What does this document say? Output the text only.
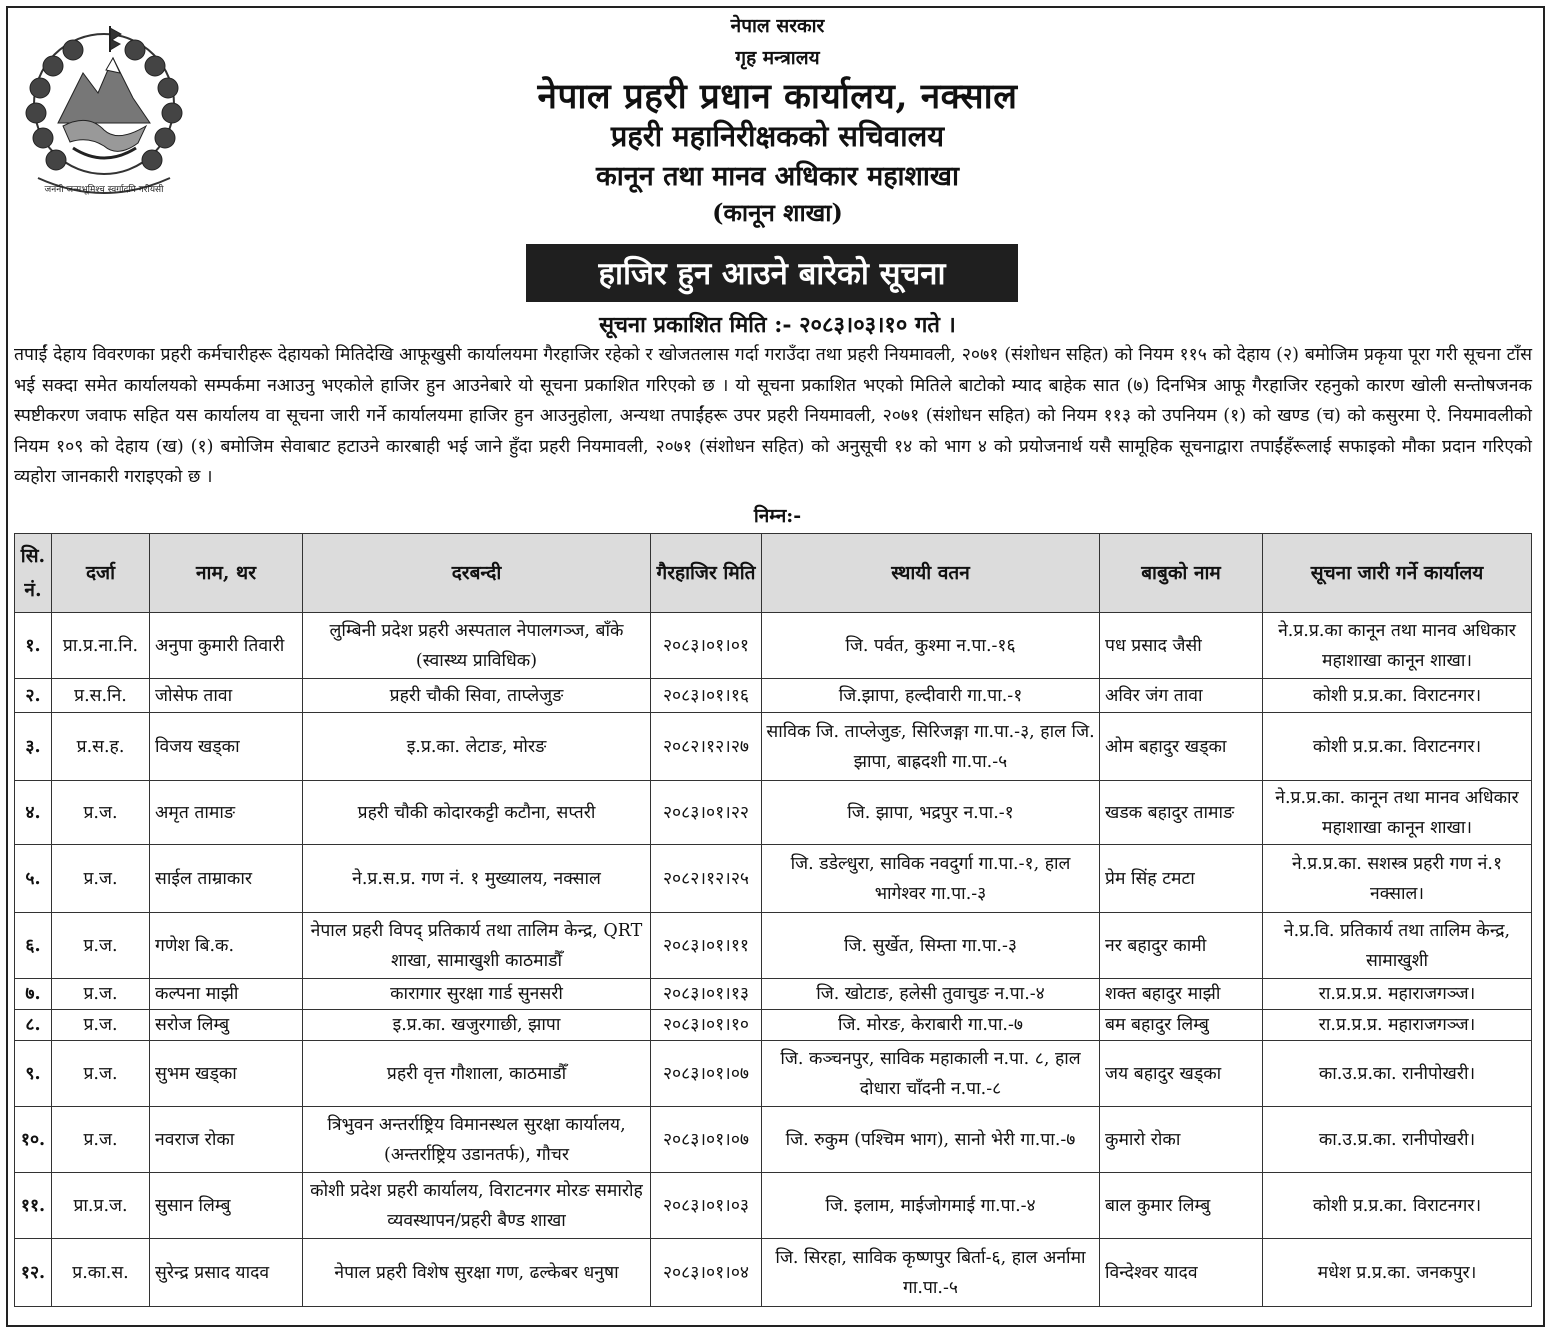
जननी जन्मभूमिश्च स्वर्गादपि गरीयसी
नेपाल सरकार
गृह मन्त्रालय
नेपाल प्रहरी प्रधान कार्यालय, नक्साल
प्रहरी महानिरीक्षकको सचिवालय
कानून तथा मानव अधिकार महाशाखा
(कानून शाखा)
हाजिर हुन आउने बारेको सूचना
सूचना प्रकाशित मिति :- २०८३।०३।१० गते ।
तपाईं देहाय विवरणका प्रहरी कर्मचारीहरू देहायको मितिदेखि आफूखुसी कार्यालयमा गैरहाजिर रहेको र खोजतलास गर्दा गराउँदा तथा प्रहरी नियमावली, २०७१ (संशोधन सहित) को नियम ११५ को देहाय (२) बमोजिम प्रकृया पूरा गरी सूचना टाँस भई सक्दा समेत कार्यालयको सम्पर्कमा नआउनु भएकोले हाजिर हुन आउनेबारे यो सूचना प्रकाशित गरिएको छ । यो सूचना प्रकाशित भएको मितिले बाटोको म्याद बाहेक सात (७) दिनभित्र आफू गैरहाजिर रहनुको कारण खोली सन्तोषजनक स्पष्टीकरण जवाफ सहित यस कार्यालय वा सूचना जारी गर्ने कार्यालयमा हाजिर हुन आउनुहोला, अन्यथा तपाईंहरू उपर प्रहरी नियमावली, २०७१ (संशोधन सहित) को नियम ११३ को उपनियम (१) को खण्ड (च) को कसुरमा ऐ. नियमावलीको नियम १०९ को देहाय (ख) (१) बमोजिम सेवाबाट हटाउने कारबाही भई जाने हुँदा प्रहरी नियमावली, २०७१ (संशोधन सहित) को अनुसूची १४ को भाग ४ को प्रयोजनार्थ यसै सामूहिक सूचनाद्वारा तपाईंहँरूलाई सफाइको मौका प्रदान गरिएको व्यहोरा जानकारी गराइएको छ ।
निम्न:-
सि. नं.	दर्जा	नाम, थर	दरबन्दी	गैरहाजिर मिति	स्थायी वतन	बाबुको नाम	सूचना जारी गर्ने कार्यालय
१.	प्रा.प्र.ना.नि.	अनुपा कुमारी तिवारी	लुम्बिनी प्रदेश प्रहरी अस्पताल नेपालगञ्ज, बाँके (स्वास्थ्य प्राविधिक)	२०८३।०१।०१	जि. पर्वत, कुश्मा न.पा.-१६	पध प्रसाद जैसी	ने.प्र.प्र.का कानून तथा मानव अधिकार महाशाखा कानून शाखा।
२.	प्र.स.नि.	जोसेफ तावा	प्रहरी चौकी सिवा, ताप्लेजुङ	२०८३।०१।१६	जि.झापा, हल्दीवारी गा.पा.-१	अविर जंग तावा	कोशी प्र.प्र.का. विराटनगर।
३.	प्र.स.ह.	विजय खड्का	इ.प्र.का. लेटाङ, मोरङ	२०८२।१२।२७	साविक जि. ताप्लेजुङ, सिरिजङ्गा गा.पा.-३, हाल जि. झापा, बाह्रदशी गा.पा.-५	ओम बहादुर खड्का	कोशी प्र.प्र.का. विराटनगर।
४.	प्र.ज.	अमृत तामाङ	प्रहरी चौकी कोदारकट्टी कटौना, सप्तरी	२०८३।०१।२२	जि. झापा, भद्रपुर न.पा.-१	खडक बहादुर तामाङ	ने.प्र.प्र.का. कानून तथा मानव अधिकार महाशाखा कानून शाखा।
५.	प्र.ज.	साईल ताम्राकार	ने.प्र.स.प्र. गण नं. १ मुख्यालय, नक्साल	२०८२।१२।२५	जि. डडेल्धुरा, साविक नवदुर्गा गा.पा.-१, हाल भागेश्वर गा.पा.-३	प्रेम सिंह टमटा	ने.प्र.प्र.का. सशस्त्र प्रहरी गण नं.१ नक्साल।
६.	प्र.ज.	गणेश बि.क.	नेपाल प्रहरी विपद् प्रतिकार्य तथा तालिम केन्द्र, QRT शाखा, सामाखुशी काठमाडौँ	२०८३।०१।११	जि. सुर्खेत, सिम्ता गा.पा.-३	नर बहादुर कामी	ने.प्र.वि. प्रतिकार्य तथा तालिम केन्द्र, सामाखुशी
७.	प्र.ज.	कल्पना माझी	कारागार सुरक्षा गार्ड सुनसरी	२०८३।०१।१३	जि. खोटाङ, हलेसी तुवाचुङ न.पा.-४	शक्त बहादुर माझी	रा.प्र.प्र.प्र. महाराजगञ्ज।
८.	प्र.ज.	सरोज लिम्बु	इ.प्र.का. खजुरगाछी, झापा	२०८३।०१।१०	जि. मोरङ, केराबारी गा.पा.-७	बम बहादुर लिम्बु	रा.प्र.प्र.प्र. महाराजगञ्ज।
९.	प्र.ज.	सुभम खड्का	प्रहरी वृत्त गौशाला, काठमाडौँ	२०८३।०१।०७	जि. कञ्चनपुर, साविक महाकाली न.पा. ८, हाल दोधारा चाँदनी न.पा.-८	जय बहादुर खड्का	का.उ.प्र.का. रानीपोखरी।
१०.	प्र.ज.	नवराज रोका	त्रिभुवन अन्तर्राष्ट्रिय विमानस्थल सुरक्षा कार्यालय, (अन्तर्राष्ट्रिय उडानतर्फ), गौचर	२०८३।०१।०७	जि. रुकुम (पश्चिम भाग), सानो भेरी गा.पा.-७	कुमारो रोका	का.उ.प्र.का. रानीपोखरी।
११.	प्रा.प्र.ज.	सुसान लिम्बु	कोशी प्रदेश प्रहरी कार्यालय, विराटनगर मोरङ समारोह व्यवस्थापन/प्रहरी बैण्ड शाखा	२०८३।०१।०३	जि. इलाम, माईजोगमाई गा.पा.-४	बाल कुमार लिम्बु	कोशी प्र.प्र.का. विराटनगर।
१२.	प्र.का.स.	सुरेन्द्र प्रसाद यादव	नेपाल प्रहरी विशेष सुरक्षा गण, ढल्केबर धनुषा	२०८३।०१।०४	जि. सिरहा, साविक कृष्णपुर बिर्ता-६, हाल अर्नामा गा.पा.-५	विन्देश्वर यादव	मधेश प्र.प्र.का. जनकपुर।
